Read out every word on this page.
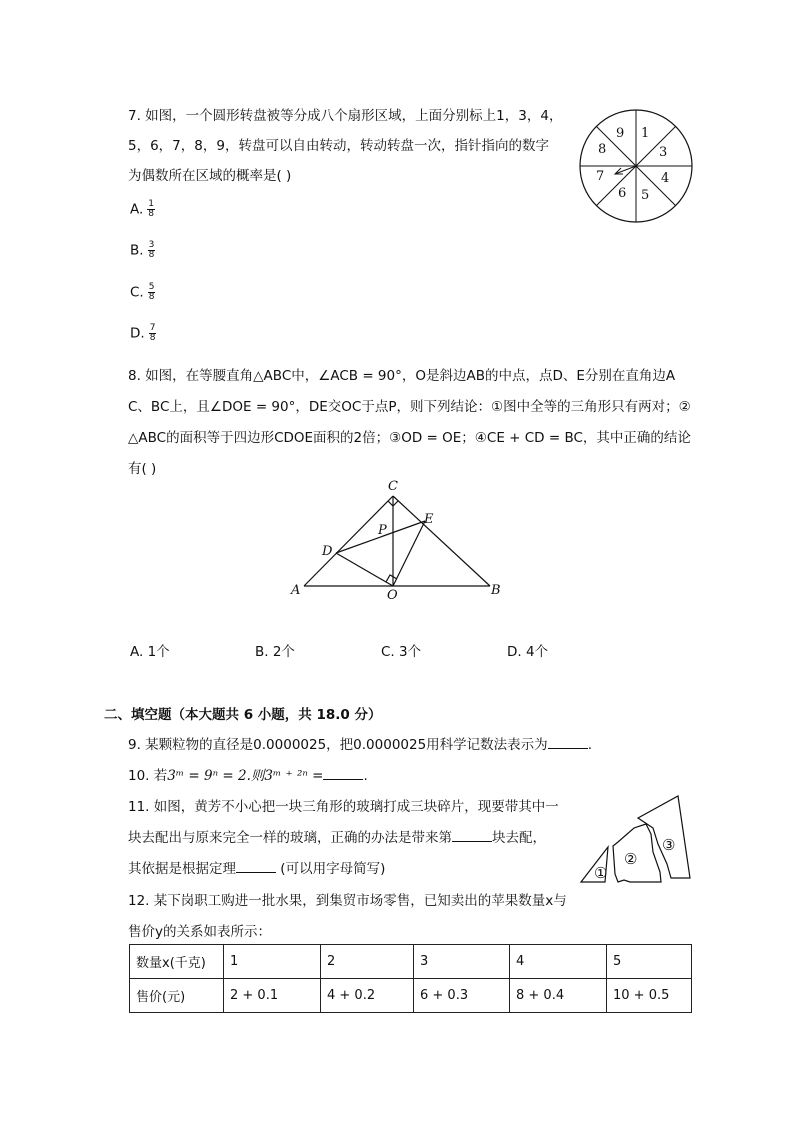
7. 如图，一个圆形转盘被等分成八个扇形区域，上面分别标上1，3，4，
5，6，7，8，9，转盘可以自由转动，转动转盘一次，指针指向的数字
为偶数所在区域的概率是( )
A. $\frac{1}{8}$
B. $\frac{3}{8}$
C. $\frac{5}{8}$
D. $\frac{7}{8}$
9 1
3
4
5
6
7
8
8. 如图，在等腰直角△ABC中，∠ACB = 90°，O是斜边AB的中点，点D、E分别在直角边A
C、BC上，且∠DOE = 90°，DE交OC于点P，则下列结论：①图中全等的三角形只有两对；②
△ABC的面积等于四边形CDOE面积的2倍；③OD = OE；④CE + CD = BC，其中正确的结论
有( )
A	B
C
D
E
O
P
A. 1个	B. 2个	C. 3个	D. 4个
二、填空题（本大题共 6 小题，共 18.0 分）
9. 某颗粒物的直径是0.0000025，把0.0000025用科学记数法表示为	.
10. 若3ᵐ = 9ⁿ = 2.则3ᵐ ⁺ ²ⁿ =	.
11. 如图，黄芳不小心把一块三角形的玻璃打成三块碎片，现要带其中一
块去配出与原来完全一样的玻璃，正确的办法是带来第	块去配，
其依据是根据定理	(可以用字母简写)	①
②
③
12. 某下岗职工购进一批水果，到集贸市场零售，已知卖出的苹果数量x与
售价y的关系如表所示：
数量x(千克)	1	2	3	4	5
售价(元)	2 + 0.1	4 + 0.2	6 + 0.3	8 + 0.4	10 + 0.5
